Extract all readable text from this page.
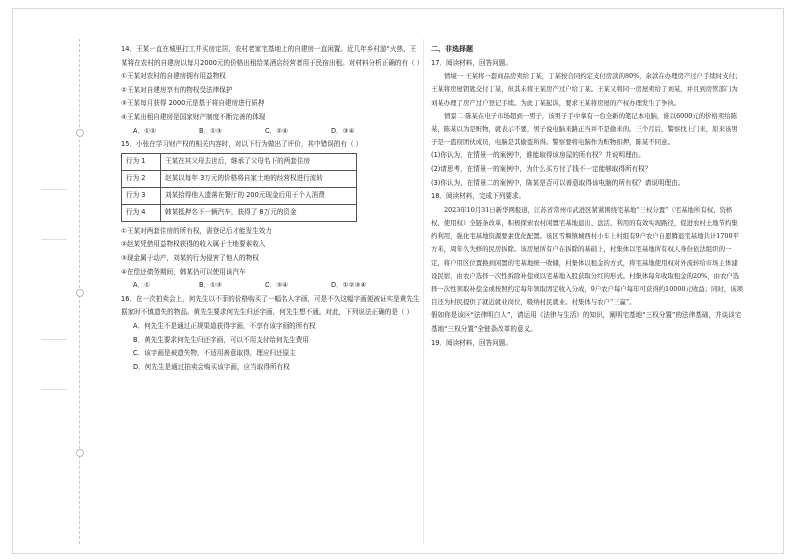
14．王某一直在城里打工并买房定居，农村老家宅基地上的自建房一直闲置。近几年乡村游“火热，王某将在农村的自建房以每月2000元的价格出租给某酒店经营者用于民宿出租。对材料分析正确的有（ ）

①王某对农村的自建房拥有用益物权

②王某对自建房享有的物权受法律保护

③王某每月获得 2000元是基于将自建房进行质押

④王某出租自建房是国家财产制度不断完善的体现

A．①②	B．①③	C．②④	D．③④

15．小张在学习财产权的相关内容时，对以下行为做出了评价，其中错误的有（ ）

行为 1	王某在其父母去世后，继承了父母名下的两套住房
行为 2	赵某以每年 3万元的价格将自家土地的经营权进行流转
行为 3	刘某拾得他人遗落在餐厅的 200元现金后用于个人消费
行为 4	韩某抵押名下一辆汽车，获得了 8万元的资金

①王某对两套住房的所有权，需登记后才能发生效力

②赵某凭借用益物权获得的收入属于土地要素收入

③现金属于动产，刘某的行为侵害了他人的物权

④在偿还债务期间，韩某仍可以使用该汽车

A．①	B．①③	C．③④	D．①②③④

16．在一次拍卖会上，何先生以不菲的价格购买了一幅名人字画，可是不久这幅字画便被证实是黄先生据家时不慎遗失的物品。黄先生要求何先生归还字画，何先生想不通。对此，下列说法正确的是（ ）

A．何先生不是通过正规渠道获得字画，不享有该字画的所有权

B．黄先生要求何先生归还字画，可以不用支付给何先生费用

C．该字画是被遗失物，不适用善意取得，理应归还原主

D．何先生是通过拍卖会购买该字画，应当取得所有权

二、非选择题

17．阅读材料，回答问题。

情境一 王某将一套商品房卖给丁某，丁某按合同约定支付房款的80%，余款在办理房产过户手续时支付；王某将房屋钥匙交付丁某，但其未将王某房产过户给丁某。王某又将同一房屋卖给了刘某，并且到房管部门为刘某办理了房产过户登记手续。为此丁某起诉，要求王某将房屋的产权办理发生了争执。

情景二 陈某在电子市场超到一男子，该男子手中拿有一台全新的笔记本电脑，谁以6000元的价格卖给陈某，陈某以为是赃物，就表示不要，男子说电脑来路正当并不是偷来的。三个月后，警察找上门来，原来该男子是一盗窃团伙成员，电脑是其偷盗所得。警察要将电脑作为赃物扣押，陈某不同意。

(1)你认为，在情景一的案例中，谁能取得该房屋的所有权？并说明理由。

(2)请思考，在情景一的案例中，为什么买方付了钱不一定能够取得所有权？

(3)你认为，在情景二的案例中，陈某是否可以善意取得该电脑的所有权？请说明理由。

18．阅读材料，完成下列要求。

2023年10月31日新华网报道，江苏省常州市武进区紧紧围绕宅基地“三权分置”（宅基地所有权、资格权、使用权）全链条改革，积极探索农村闲置宅基地退出、盘活、利用的有效实现路径，促进农村土地节约集约利用，强化宅基地资源要素优化配置。该区雪堰镇城西村小车上村组有9户农户自愿腾退宅基地共计1700平方米，周年久失修的民房拆除。该房屋所有户在拆除的基础上，村集体以宅基地所有权人身份依法组织的一定，将户用区位置换到闲置的宅基地统一收储，村集体以租金的方式，将宅基地使用权对外流转给市场主体建设民宿，由农户选择一次性拆除补偿或以宅基地入股获取分红的形式。村集体每年收取租金的20%，由农户选择一次性领取补偿金或按照约定每年领取固定收入分成，9户农户每户每年可获得约10000元收益；同时，该项目还为村民提供了就近就业岗位，吸纳村民就业。村集体与农户“三赢”。

假如你是该区“法律明白人”，请运用《法律与生活》的知识，阐明宅基地“三权分置”的法律基础，并谈谈宅基地“三权分置”全链条改革的意义。

19．阅读材料，回答问题。
